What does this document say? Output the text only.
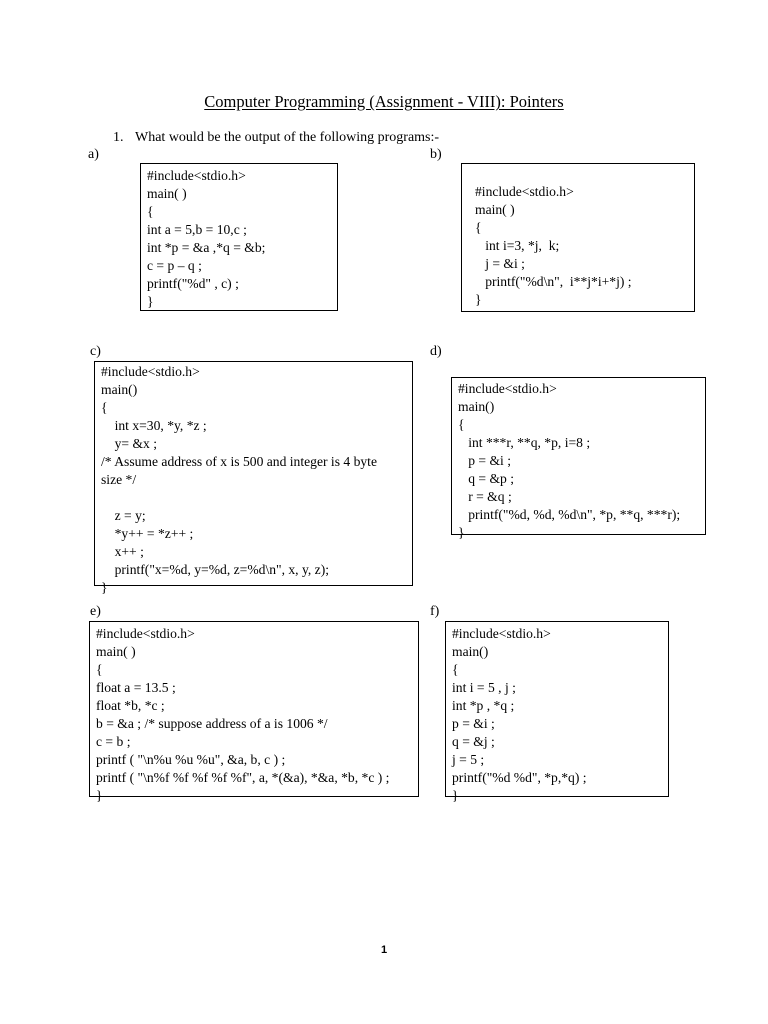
Computer Programming (Assignment - VIII): Pointers
1. What would be the output of the following programs:-
a)
#include<stdio.h>
main( )
{
int a = 5,b = 10,c ;
int *p = &a ,*q = &b;
c = p – q ;
printf("%d" , c) ;
}
b)
#include<stdio.h>
main( )
{
int i=3, *j,  k;
j = &i ;
printf("%d\n",  i**j*i+*j) ;
}
c)
#include<stdio.h>
main()
{
int x=30, *y, *z ;
y= &x ;
/* Assume address of x is 500 and integer is 4 byte
size */
z = y;
*y++ = *z++ ;
x++ ;
printf("x=%d, y=%d, z=%d\n", x, y, z);
}
d)
#include<stdio.h>
main()
{
int ***r, **q, *p, i=8 ;
p = &i ;
q = &p ;
r = &q ;
printf("%d, %d, %d\n", *p, **q, ***r);
}
e)
#include<stdio.h>
main( )
{
float a = 13.5 ;
float *b, *c ;
b = &a ; /* suppose address of a is 1006 */
c = b ;
printf ( "\n%u %u %u", &a, b, c ) ;
printf ( "\n%f %f %f %f %f", a, *(&a), *&a, *b, *c ) ;
}
f)
#include<stdio.h>
main()
{
int i = 5 , j ;
int *p , *q ;
p = &i ;
q = &j ;
j = 5 ;
printf("%d %d", *p,*q) ;
}
1
